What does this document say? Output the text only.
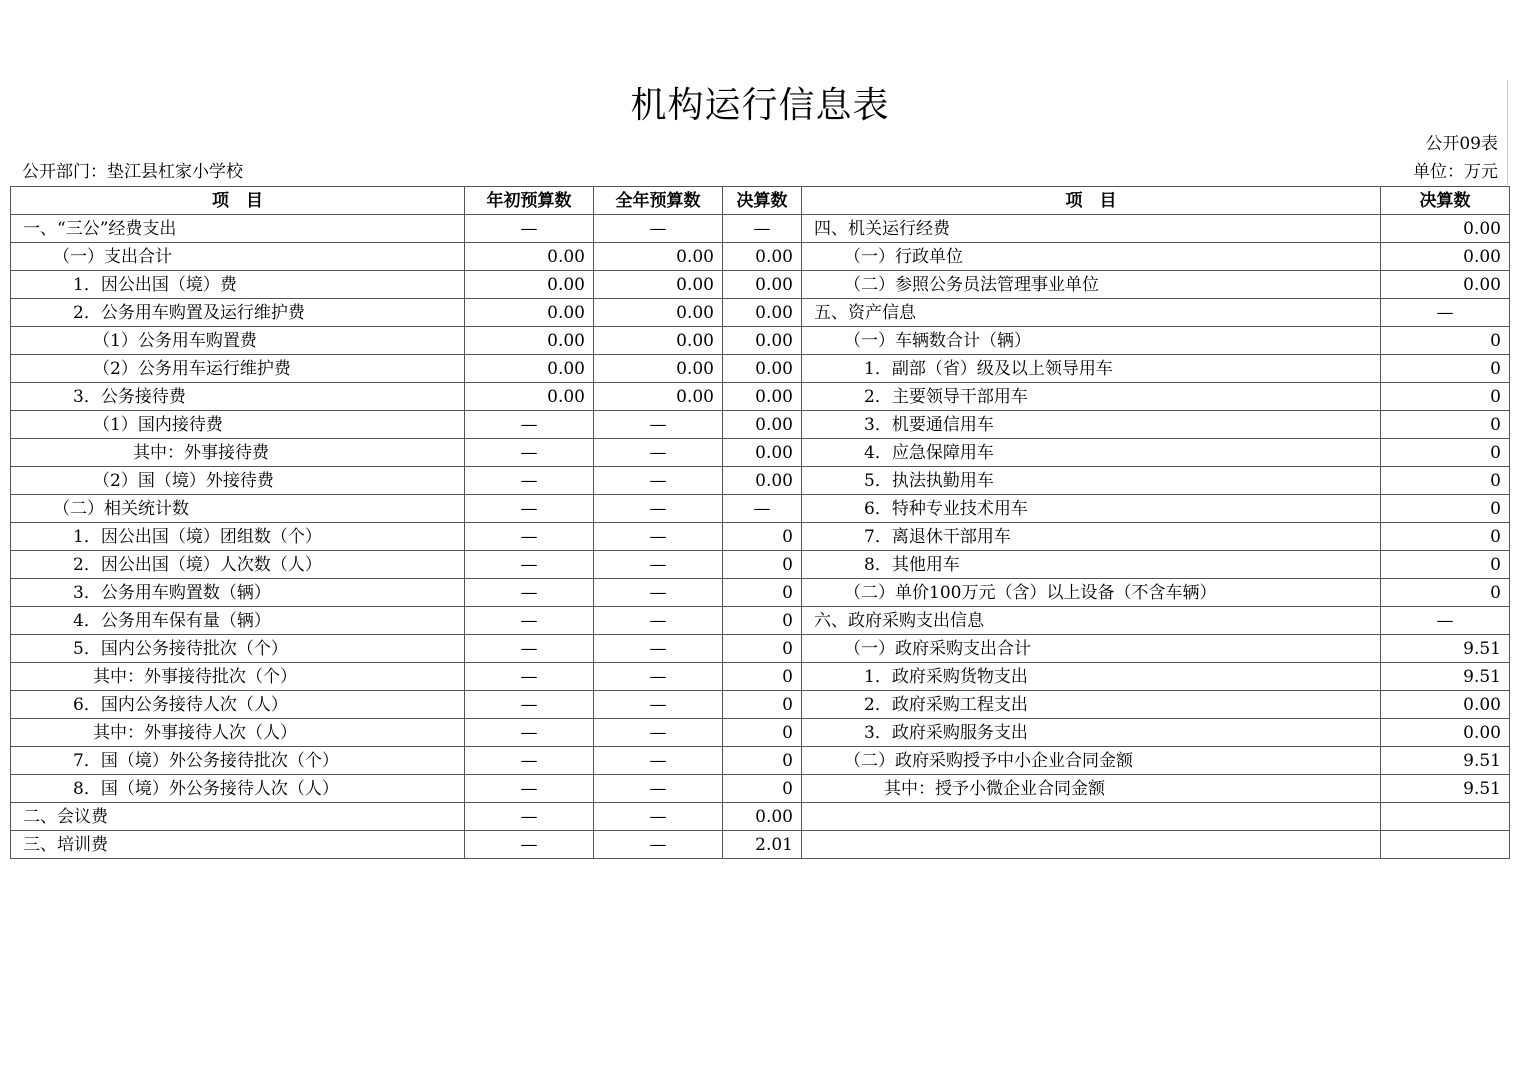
机构运行信息表
公开09表
公开部门：垫江县杠家小学校	单位：万元
项　目	年初预算数	全年预算数	决算数	项　目	决算数
一、“三公”经费支出	—	—	—	四、机关运行经费	0.00
（一）支出合计	0.00	0.00	0.00	（一）行政单位	0.00
1．因公出国（境）费	0.00	0.00	0.00	（二）参照公务员法管理事业单位	0.00
2．公务用车购置及运行维护费	0.00	0.00	0.00	五、资产信息	—
（1）公务用车购置费	0.00	0.00	0.00	（一）车辆数合计（辆）	0
（2）公务用车运行维护费	0.00	0.00	0.00	1．副部（省）级及以上领导用车	0
3．公务接待费	0.00	0.00	0.00	2．主要领导干部用车	0
（1）国内接待费	—	—	0.00	3．机要通信用车	0
其中：外事接待费	—	—	0.00	4．应急保障用车	0
（2）国（境）外接待费	—	—	0.00	5．执法执勤用车	0
（二）相关统计数	—	—	—	6．特种专业技术用车	0
1．因公出国（境）团组数（个）	—	—	0	7．离退休干部用车	0
2．因公出国（境）人次数（人）	—	—	0	8．其他用车	0
3．公务用车购置数（辆）	—	—	0	（二）单价100万元（含）以上设备（不含车辆）	0
4．公务用车保有量（辆）	—	—	0	六、政府采购支出信息	—
5．国内公务接待批次（个）	—	—	0	（一）政府采购支出合计	9.51
其中：外事接待批次（个）	—	—	0	1．政府采购货物支出	9.51
6．国内公务接待人次（人）	—	—	0	2．政府采购工程支出	0.00
其中：外事接待人次（人）	—	—	0	3．政府采购服务支出	0.00
7．国（境）外公务接待批次（个）	—	—	0	（二）政府采购授予中小企业合同金额	9.51
8．国（境）外公务接待人次（人）	—	—	0	其中：授予小微企业合同金额	9.51
二、会议费	—	—	0.00		
三、培训费	—	—	2.01		
